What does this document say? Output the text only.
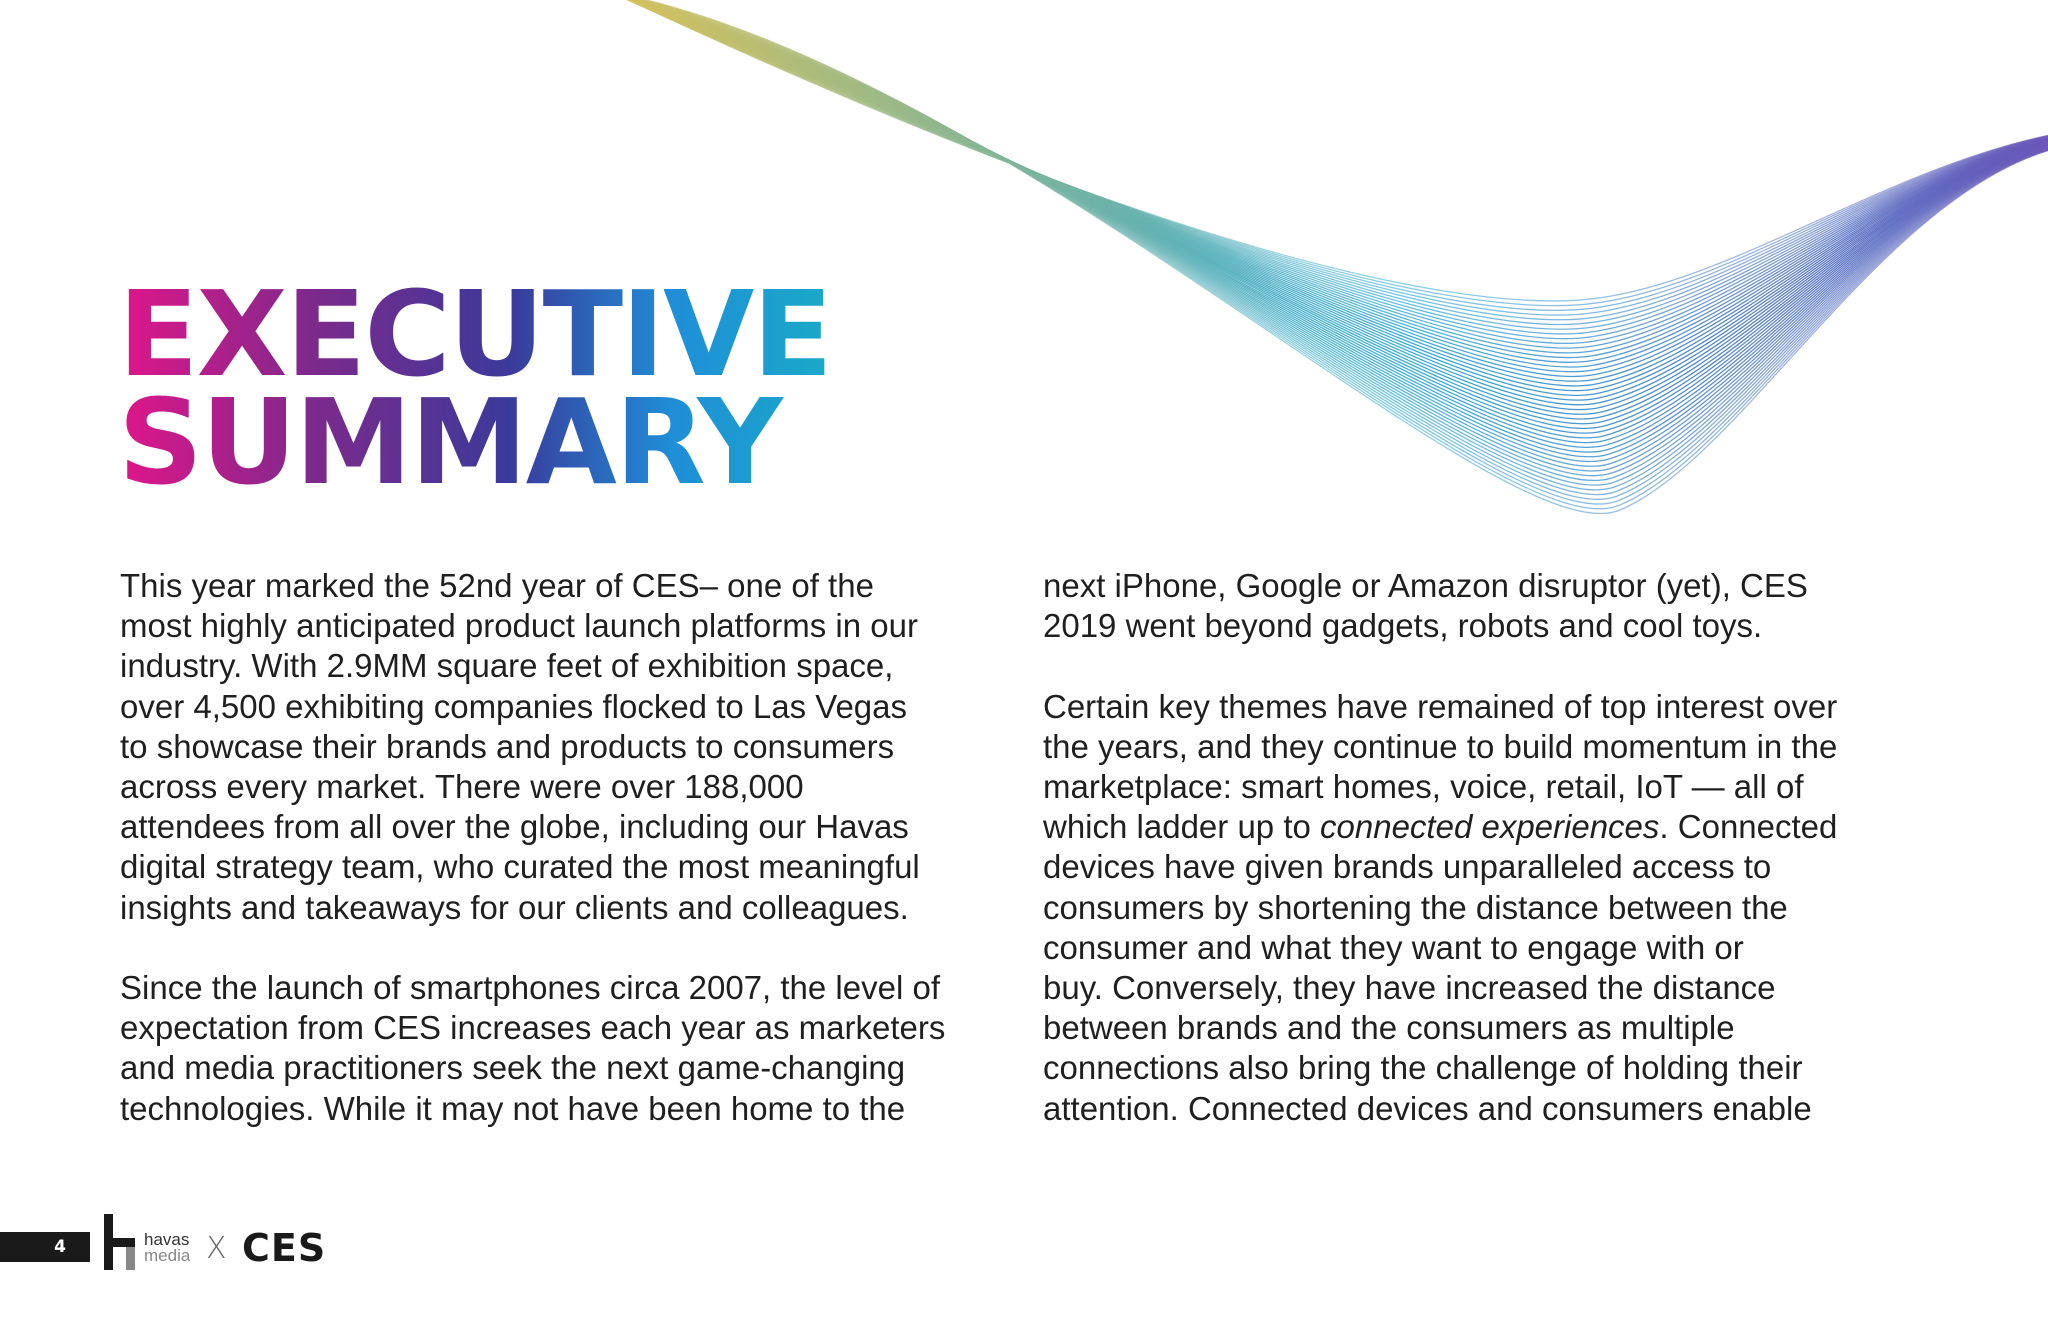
EXECUTIVE
SUMMARY

This year marked the 52nd year of CES– one of the
most highly anticipated product launch platforms in our
industry. With 2.9MM square feet of exhibition space,
over 4,500 exhibiting companies flocked to Las Vegas
to showcase their brands and products to consumers
across every market. There were over 188,000
attendees from all over the globe, including our Havas
digital strategy team, who curated the most meaningful
insights and takeaways for our clients and colleagues.

Since the launch of smartphones circa 2007, the level of
expectation from CES increases each year as marketers
and media practitioners seek the next game-changing
technologies. While it may not have been home to the

next iPhone, Google or Amazon disruptor (yet), CES
2019 went beyond gadgets, robots and cool toys.

Certain key themes have remained of top interest over
the years, and they continue to build momentum in the
marketplace: smart homes, voice, retail, IoT — all of
which ladder up to connected experiences. Connected
devices have given brands unparalleled access to
consumers by shortening the distance between the
consumer and what they want to engage with or
buy. Conversely, they have increased the distance
between brands and the consumers as multiple
connections also bring the challenge of holding their
attention. Connected devices and consumers enable

4	havas
media X CES
